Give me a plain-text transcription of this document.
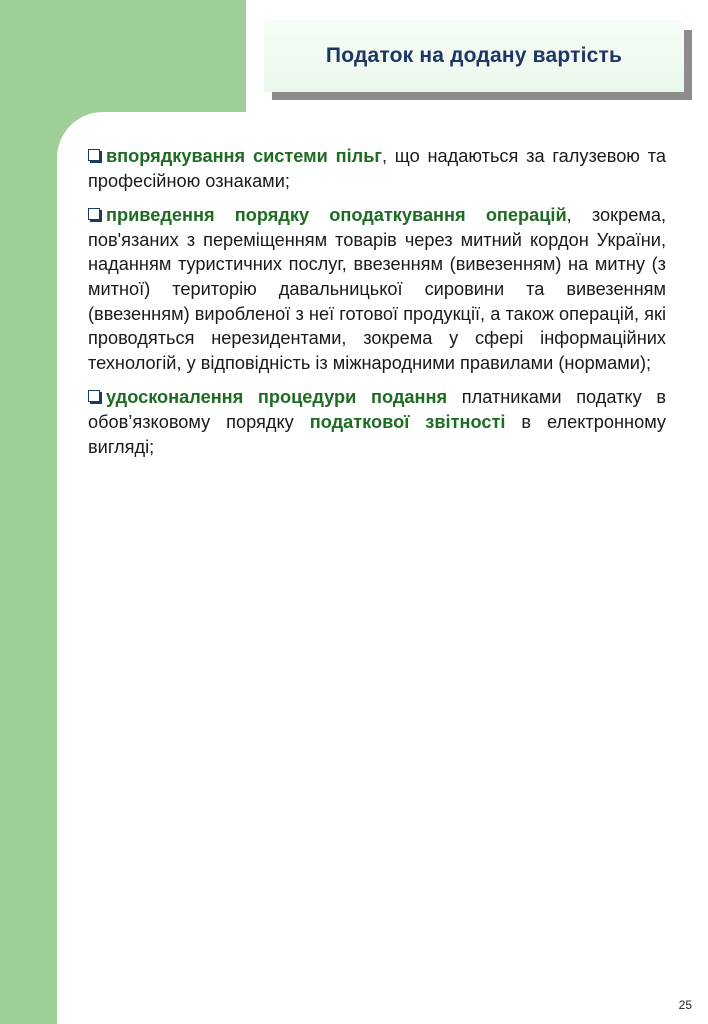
Податок на додану вартість

впорядкування системи пільг, що надаються за галузевою та професійною ознаками;

приведення порядку оподаткування операцій, зокрема, пов'язаних з переміщенням товарів через митний кордон України, наданням туристичних послуг, ввезенням (вивезенням) на митну (з митної) територію давальницької сировини та вивезенням (ввезенням) виробленої з неї готової продукції, а також операцій, які проводяться нерезидентами, зокрема у сфері інформаційних технологій, у відповідність із міжнародними правилами (нормами);

удосконалення процедури подання платниками податку в обов’язковому порядку податкової звітності в електронному вигляді;

25
